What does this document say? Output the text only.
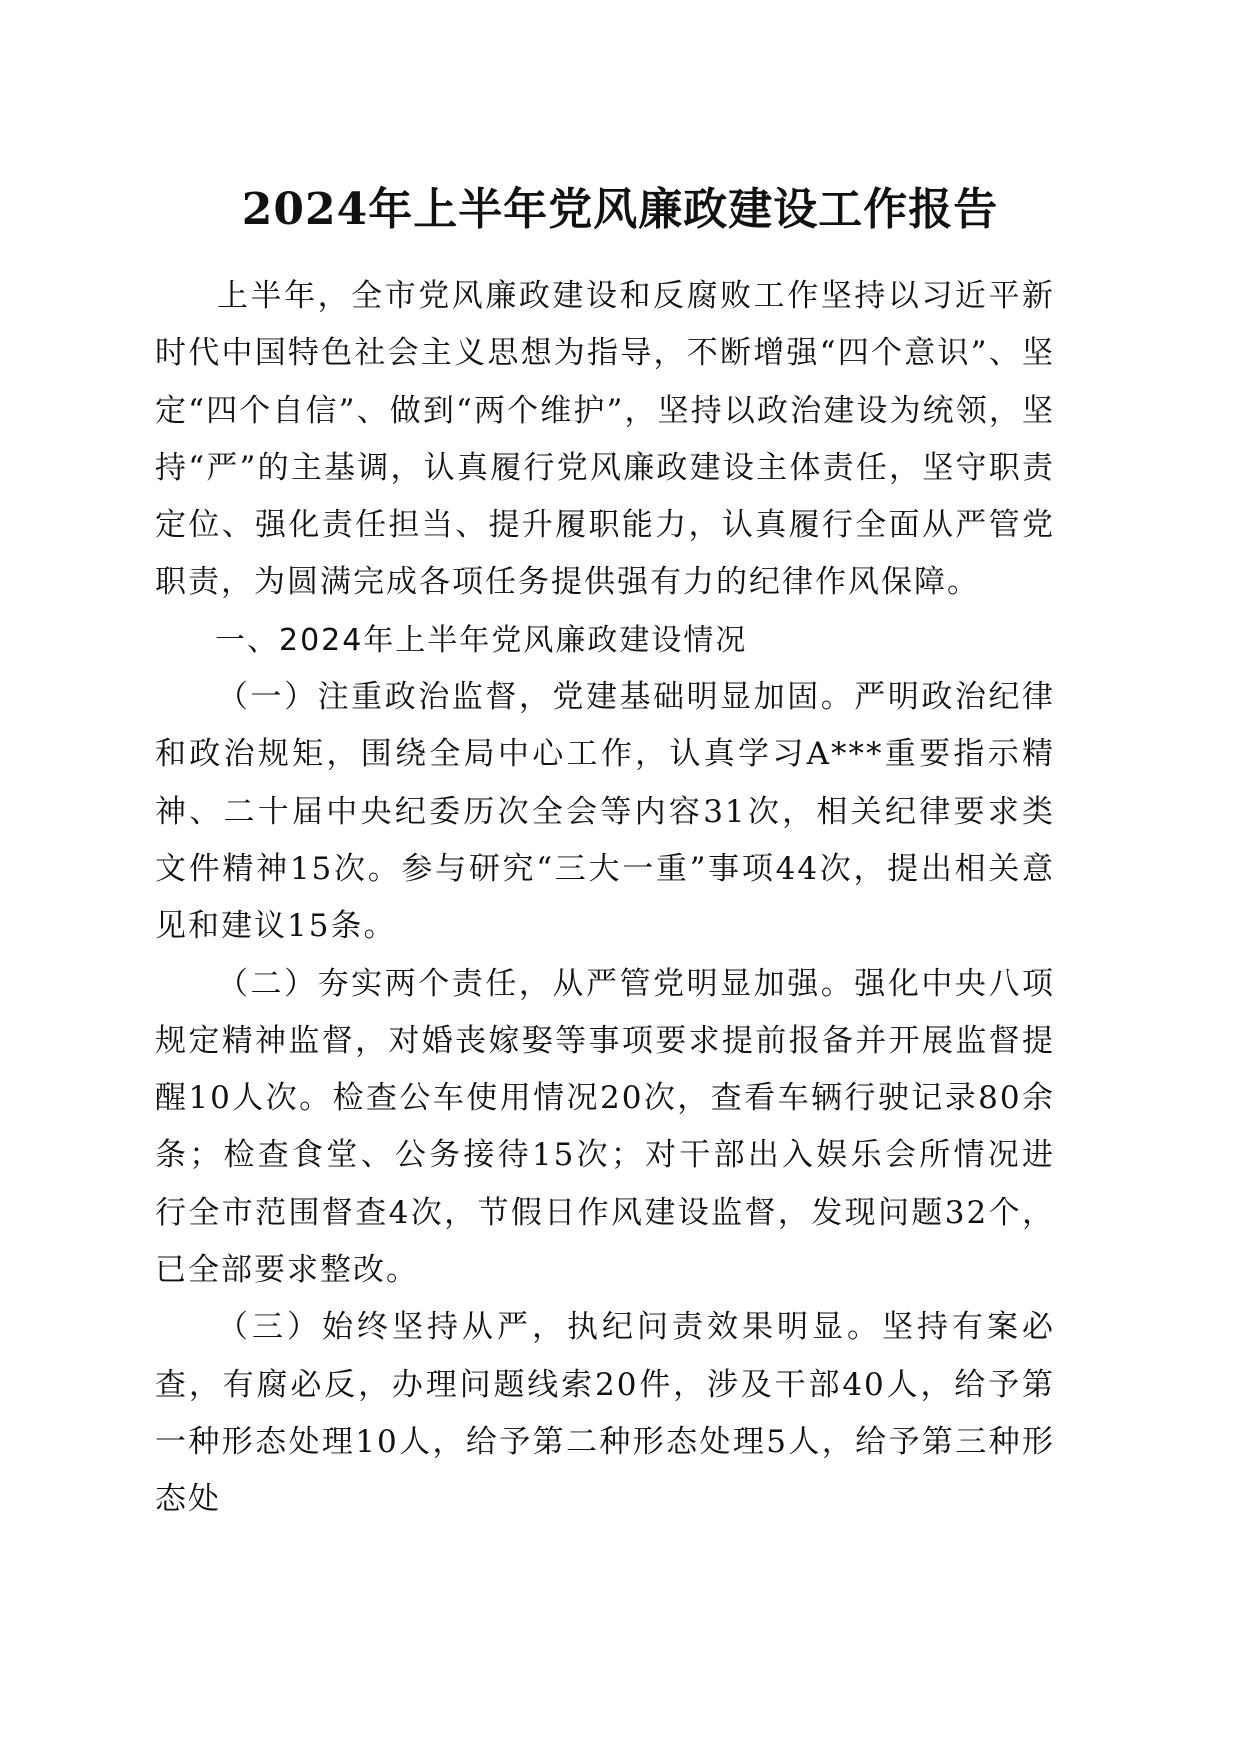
2024年上半年党风廉政建设工作报告

上半年，全市党风廉政建设和反腐败工作坚持以习近平新时代中国特色社会主义思想为指导，不断增强“四个意识”、坚定“四个自信”、做到“两个维护”，坚持以政治建设为统领，坚持“严”的主基调，认真履行党风廉政建设主体责任，坚守职责定位、强化责任担当、提升履职能力，认真履行全面从严管党职责，为圆满完成各项任务提供强有力的纪律作风保障。

一、2024年上半年党风廉政建设情况

（一）注重政治监督，党建基础明显加固。严明政治纪律和政治规矩，围绕全局中心工作，认真学习A***重要指示精神、二十届中央纪委历次全会等内容31次，相关纪律要求类文件精神15次。参与研究“三大一重”事项44次，提出相关意见和建议15条。

（二）夯实两个责任，从严管党明显加强。强化中央八项规定精神监督，对婚丧嫁娶等事项要求提前报备并开展监督提醒10人次。检查公车使用情况20次，查看车辆行驶记录80余条；检查食堂、公务接待15次；对干部出入娱乐会所情况进行全市范围督查4次，节假日作风建设监督，发现问题32个，已全部要求整改。

（三）始终坚持从严，执纪问责效果明显。坚持有案必查，有腐必反，办理问题线索20件，涉及干部40人，给予第一种形态处理10人，给予第二种形态处理5人，给予第三种形态处
